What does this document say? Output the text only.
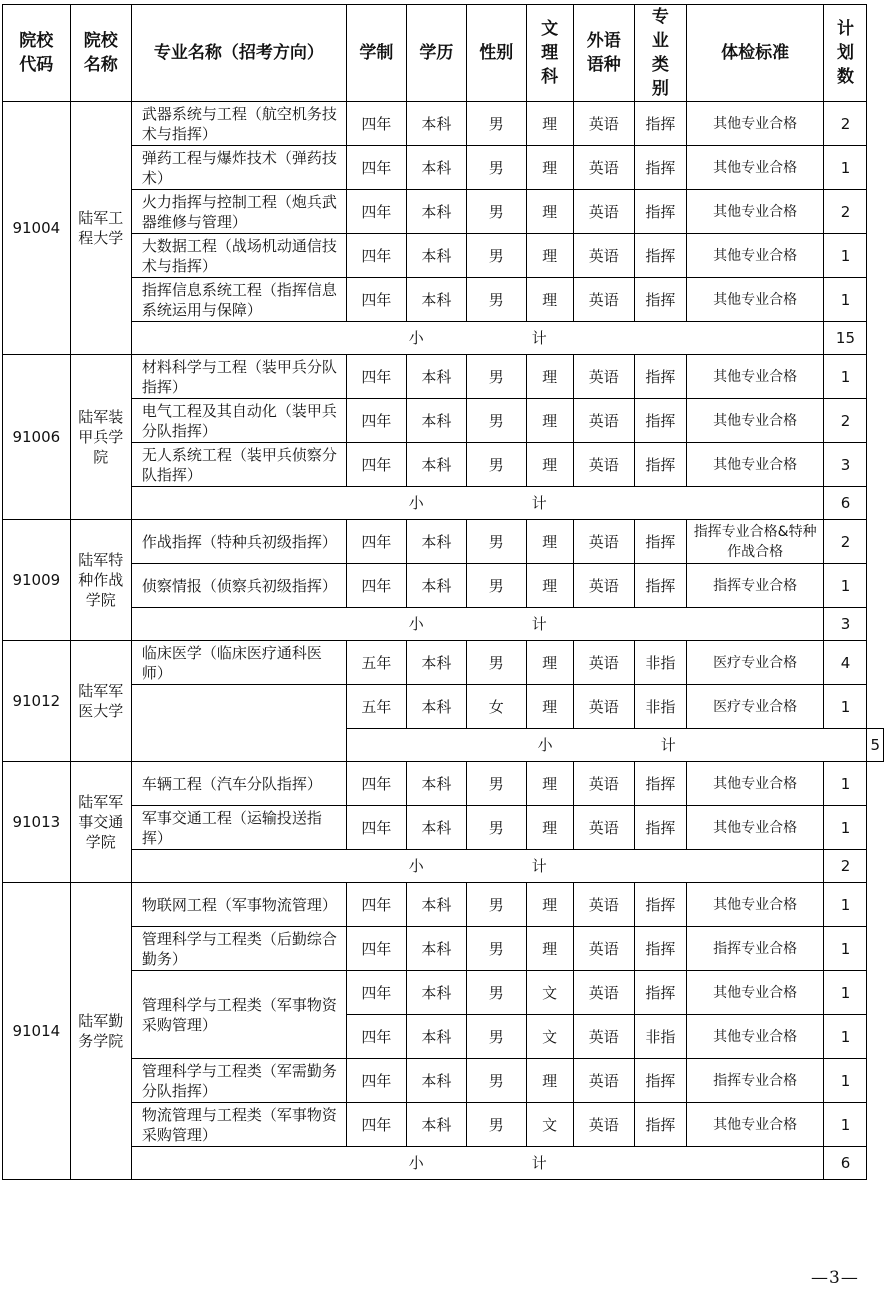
院校代码	院校名称	专业名称（招考方向）	学制	学历	性别	文理科	外语语种	专业类别	体检标准	计划数	
91004	陆军工程大学	武器系统与工程（航空机务技术与指挥）	四年	本科	男	理	英语	指挥	其他专业合格	2	
		弹药工程与爆炸技术（弹药技术）	四年	本科	男	理	英语	指挥	其他专业合格	1	
		火力指挥与控制工程（炮兵武器维修与管理）	四年	本科	男	理	英语	指挥	其他专业合格	2	
		大数据工程（战场机动通信技术与指挥）	四年	本科	男	理	英语	指挥	其他专业合格	1	
		指挥信息系统工程（指挥信息系统运用与保障）	四年	本科	男	理	英语	指挥	其他专业合格	1	
		小 计								15	
91006	陆军装甲兵学院	材料科学与工程（装甲兵分队指挥）	四年	本科	男	理	英语	指挥	其他专业合格	1	
		电气工程及其自动化（装甲兵分队指挥）	四年	本科	男	理	英语	指挥	其他专业合格	2	
		无人系统工程（装甲兵侦察分队指挥）	四年	本科	男	理	英语	指挥	其他专业合格	3	
		小 计								6	
91009	陆军特种作战学院	作战指挥（特种兵初级指挥）	四年	本科	男	理	英语	指挥	指挥专业合格&特种作战合格	2	
		侦察情报（侦察兵初级指挥）	四年	本科	男	理	英语	指挥	指挥专业合格	1	
		小 计								3	
91012	陆军军医大学	临床医学（临床医疗通科医师）	五年	本科	男	理	英语	非指	医疗专业合格	4	
			五年	本科	女	理	英语	非指	医疗专业合格	1	
			小 计								5
91013	陆军军事交通学院	车辆工程（汽车分队指挥）	四年	本科	男	理	英语	指挥	其他专业合格	1	
		军事交通工程（运输投送指挥）	四年	本科	男	理	英语	指挥	其他专业合格	1	
		小 计								2	
91014	陆军勤务学院	物联网工程（军事物流管理）	四年	本科	男	理	英语	指挥	其他专业合格	1	
		管理科学与工程类（后勤综合勤务）	四年	本科	男	理	英语	指挥	指挥专业合格	1	
		管理科学与工程类（军事物资采购管理）	四年	本科	男	文	英语	指挥	其他专业合格	1	
			四年	本科	男	文	英语	非指	其他专业合格	1	
		管理科学与工程类（军需勤务分队指挥）	四年	本科	男	理	英语	指挥	指挥专业合格	1	
		物流管理与工程类（军事物资采购管理）	四年	本科	男	文	英语	指挥	其他专业合格	1	
		小 计								6	
—3—
